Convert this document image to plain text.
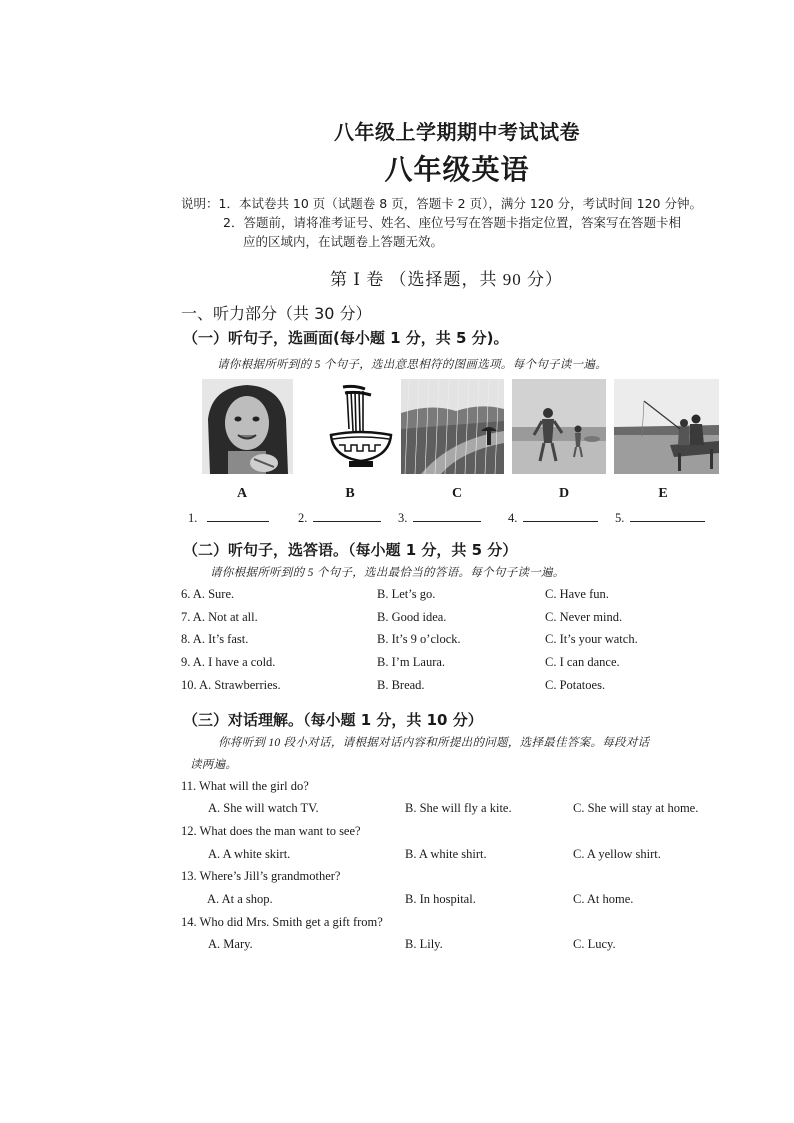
八年级上学期期中考试试卷
八年级英语
说明：1．本试卷共 10 页（试题卷 8 页，答题卡 2 页），满分 120 分，考试时间 120 分钟。
2．答题前，请将准考证号、姓名、座位号写在答题卡指定位置，答案写在答题卡相
应的区域内，在试题卷上答题无效。
第 Ⅰ 卷 （选择题，共 90 分）
一、听力部分（共 30 分）
（一）听句子，选画面(每小题 1 分，共 5 分)。
请你根据所听到的 5 个句子，选出意思相符的图画选项。每个句子读一遍。
A	B	C	D	E
1.	2.	3.	4.	5.
（二）听句子，选答语。（每小题 1 分，共 5 分）
请你根据所听到的 5 个句子，选出最恰当的答语。每个句子读一遍。
6. A. Sure.	B. Let’s go.	C. Have fun.
7. A. Not at all.	B. Good idea.	C. Never mind.
8. A. It’s fast.	B. It’s 9 o’clock.	C. It’s your watch.
9. A. I have a cold.	B. I’m Laura.	C. I can dance.
10. A. Strawberries.	B. Bread.	C. Potatoes.
（三）对话理解。（每小题 1 分，共 10 分）
你将听到 10 段小对话，请根据对话内容和所提出的问题，选择最佳答案。每段对话
读两遍。
11. What will the girl do?
A. She will watch TV.	B. She will fly a kite.	C. She will stay at home.
12. What does the man want to see?
A. A white skirt.	B. A white shirt.	C. A yellow shirt.
13. Where’s Jill’s grandmother?
A. At a shop.	B. In hospital.	C. At home.
14. Who did Mrs. Smith get a gift from?
A. Mary.	B. Lily.	C. Lucy.
